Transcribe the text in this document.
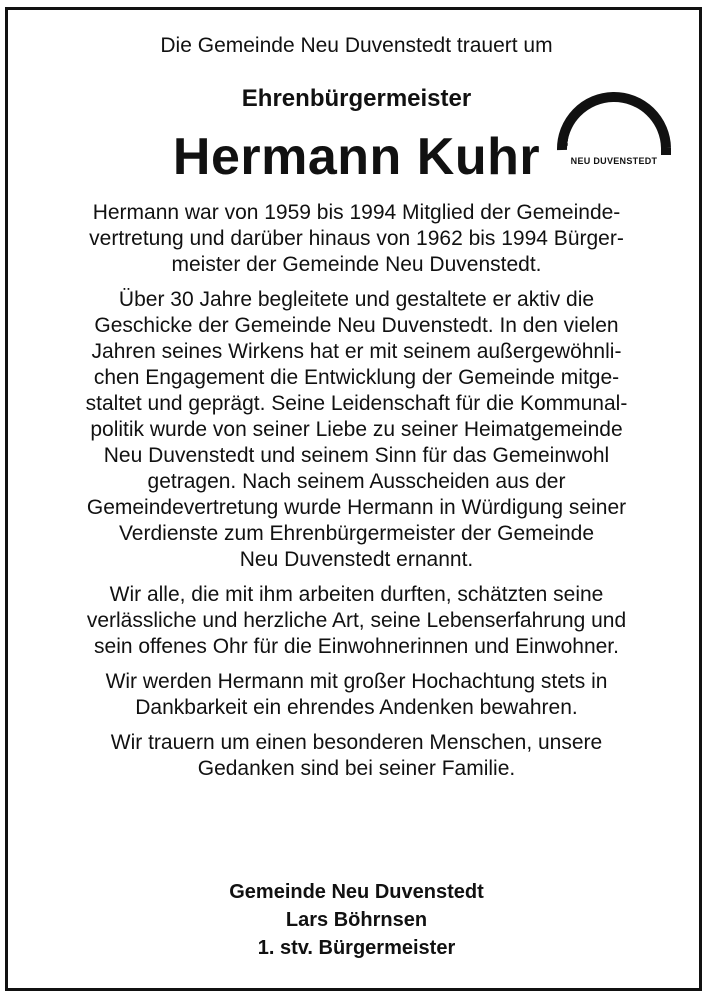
Die Gemeinde Neu Duvenstedt trauert um
Ehrenbürgermeister
Hermann Kuhr	SCHÜLLER · MÜHLENBERG · NORD · HEIDBERG · SÜD
NEU DUVENSTEDT
Hermann war von 1959 bis 1994 Mitglied der Gemeinde-
vertretung und darüber hinaus von 1962 bis 1994 Bürger-
meister der Gemeinde Neu Duvenstedt.
Über 30 Jahre begleitete und gestaltete er aktiv die
Geschicke der Gemeinde Neu Duvenstedt. In den vielen
Jahren seines Wirkens hat er mit seinem außergewöhnli-
chen Engagement die Entwicklung der Gemeinde mitge-
staltet und geprägt. Seine Leidenschaft für die Kommunal-
politik wurde von seiner Liebe zu seiner Heimatgemeinde
Neu Duvenstedt und seinem Sinn für das Gemeinwohl
getragen. Nach seinem Ausscheiden aus der
Gemeindevertretung wurde Hermann in Würdigung seiner
Verdienste zum Ehrenbürgermeister der Gemeinde
Neu Duvenstedt ernannt.
Wir alle, die mit ihm arbeiten durften, schätzten seine
verlässliche und herzliche Art, seine Lebenserfahrung und
sein offenes Ohr für die Einwohnerinnen und Einwohner.
Wir werden Hermann mit großer Hochachtung stets in
Dankbarkeit ein ehrendes Andenken bewahren.
Wir trauern um einen besonderen Menschen, unsere
Gedanken sind bei seiner Familie.
Gemeinde Neu Duvenstedt
Lars Böhrnsen
1. stv. Bürgermeister
